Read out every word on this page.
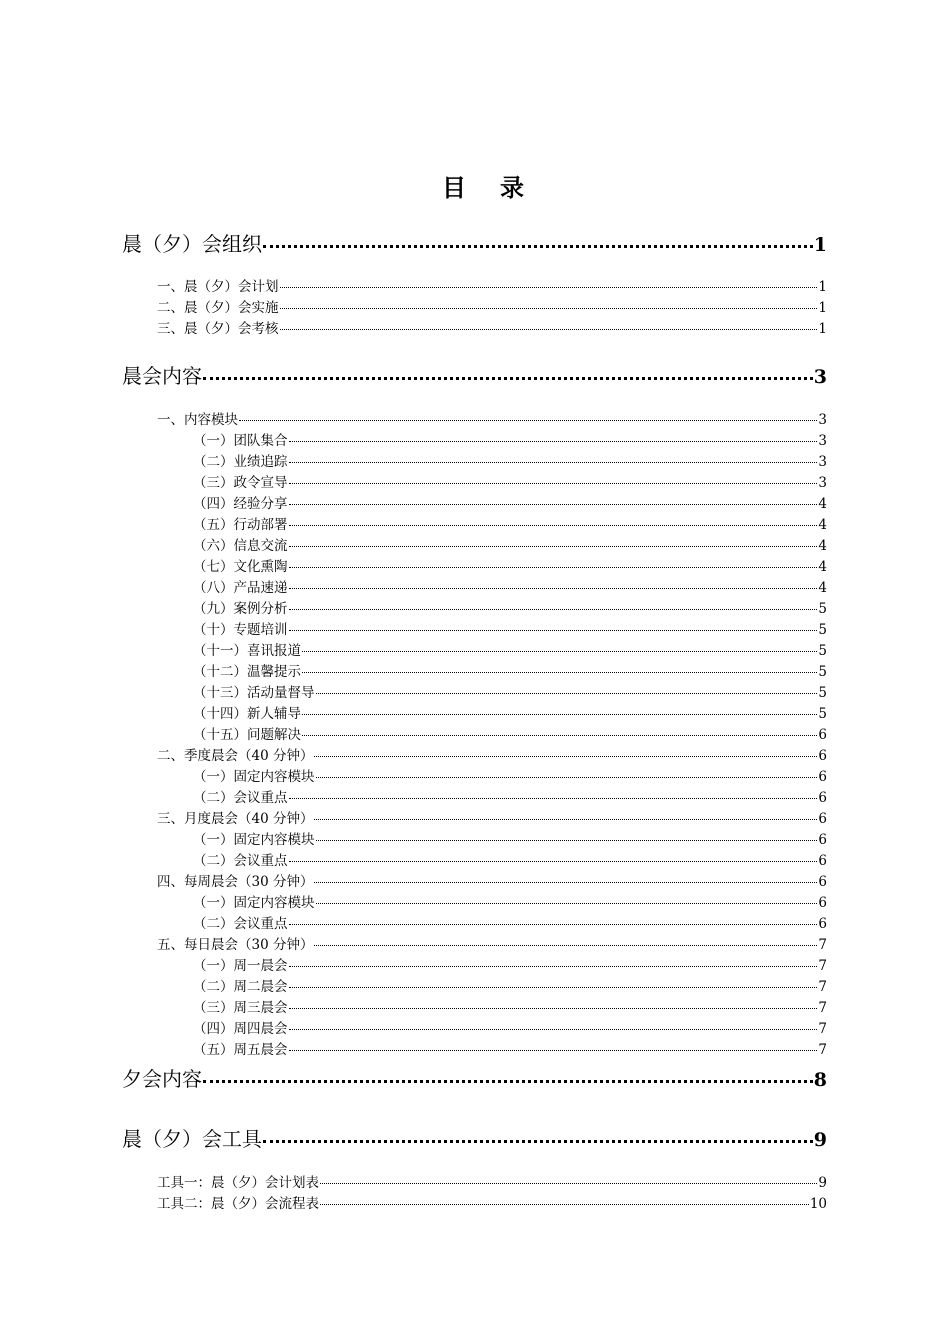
目录
晨（夕）会组织	1
一、晨（夕）会计划	1
二、晨（夕）会实施	1
三、晨（夕）会考核	1
晨会内容	3
一、内容模块	3
（一）团队集合	3
（二）业绩追踪	3
（三）政令宣导	3
（四）经验分享	4
（五）行动部署	4
（六）信息交流	4
（七）文化熏陶	4
（八）产品速递	4
（九）案例分析	5
（十）专题培训	5
（十一）喜讯报道	5
（十二）温馨提示	5
（十三）活动量督导	5
（十四）新人辅导	5
（十五）问题解决	6
二、季度晨会（40 分钟）	6
（一）固定内容模块	6
（二）会议重点	6
三、月度晨会（40 分钟）	6
（一）固定内容模块	6
（二）会议重点	6
四、每周晨会（30 分钟）	6
（一）固定内容模块	6
（二）会议重点	6
五、每日晨会（30 分钟）	7
（一）周一晨会	7
（二）周二晨会	7
（三）周三晨会	7
（四）周四晨会	7
（五）周五晨会	7
夕会内容	8
晨（夕）会工具	9
工具一：晨（夕）会计划表	9
工具二：晨（夕）会流程表	10
